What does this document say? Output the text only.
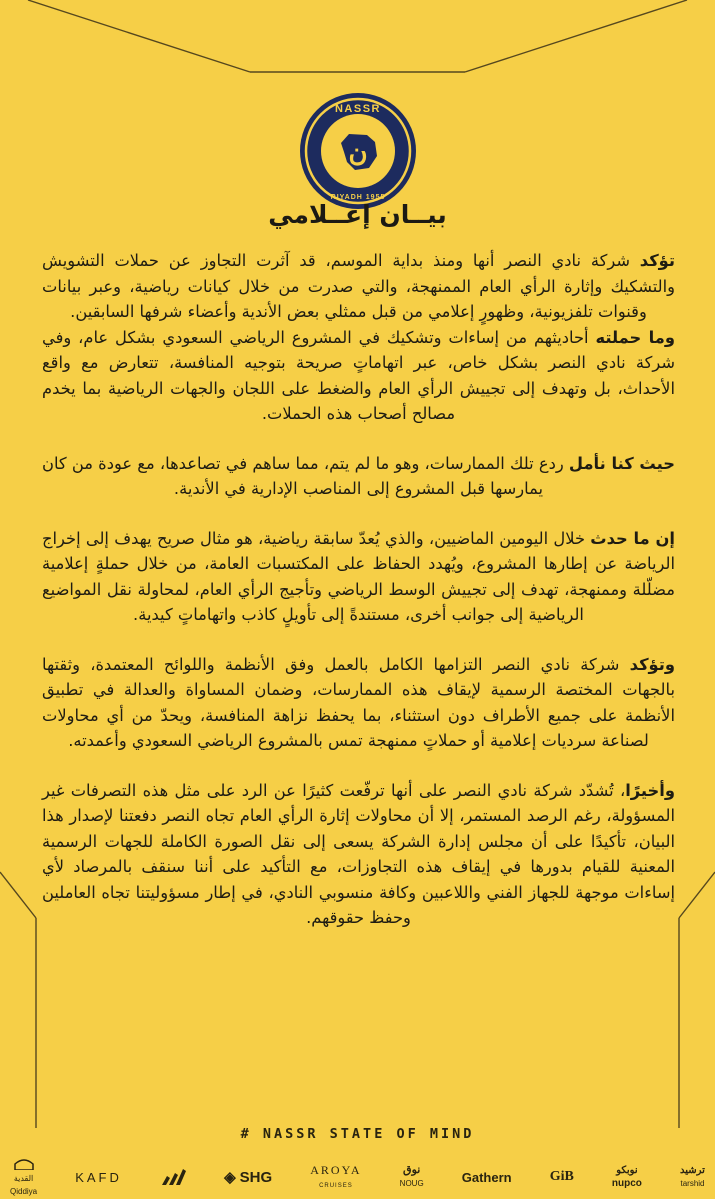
ن
NASSR
RIYADH 1955
بيــان إعــلامي

تؤكد شركة نادي النصر أنها ومنذ بداية الموسم، قد آثرت التجاوز عن حملات التشويش والتشكيك وإثارة الرأي العام الممنهجة، والتي صدرت من خلال كيانات رياضية، وعبر بيانات وقنوات تلفزيونية، وظهورٍ إعلامي من قبل ممثلي بعض الأندية وأعضاء شرفها السابقين.

وما حملته أحاديثهم من إساءات وتشكيك في المشروع الرياضي السعودي بشكل عام، وفي شركة نادي النصر بشكل خاص، عبر اتهاماتٍ صريحة بتوجيه المنافسة، تتعارض مع واقع الأحداث، بل وتهدف إلى تجييش الرأي العام والضغط على اللجان والجهات الرياضية بما يخدم مصالح أصحاب هذه الحملات.

حيث كنا نأمل ردع تلك الممارسات، وهو ما لم يتم، مما ساهم في تصاعدها، مع عودة من كان يمارسها قبل المشروع إلى المناصب الإدارية في الأندية.

إن ما حدث خلال اليومين الماضيين، والذي يُعدّ سابقة رياضية، هو مثال صريح يهدف إلى إخراج الرياضة عن إطارها المشروع، ويُهدد الحفاظ على المكتسبات العامة، من خلال حملةٍ إعلامية مضلّلة وممنهجة، تهدف إلى تجييش الوسط الرياضي وتأجيج الرأي العام، لمحاولة نقل المواضيع الرياضية إلى جوانب أخرى، مستندةً إلى تأويلٍ كاذب واتهاماتٍ كيدية.

وتؤكد شركة نادي النصر التزامها الكامل بالعمل وفق الأنظمة واللوائح المعتمدة، وثقتها بالجهات المختصة الرسمية لإيقاف هذه الممارسات، وضمان المساواة والعدالة في تطبيق الأنظمة على جميع الأطراف دون استثناء، بما يحفظ نزاهة المنافسة، ويحدّ من أي محاولات لصناعة سرديات إعلامية أو حملاتٍ ممنهجة تمس بالمشروع الرياضي السعودي وأعمدته.

وأخيرًا، تُشدّد شركة نادي النصر على أنها ترفّعت كثيرًا عن الرد على مثل هذه التصرفات غير المسؤولة، رغم الرصد المستمر، إلا أن محاولات إثارة الرأي العام تجاه النصر دفعتنا لإصدار هذا البيان، تأكيدًا على أن مجلس إدارة الشركة يسعى إلى نقل الصورة الكاملة للجهات الرسمية المعنية للقيام بدورها في إيقاف هذه التجاوزات، مع التأكيد على أننا سنقف بالمرصاد لأي إساءات موجهة للجهاز الفني واللاعبين وكافة منسوبي النادي، في إطار مسؤوليتنا تجاه العاملين وحفظ حقوقهم.

# NASSR STATE OF MIND
القدية
Qiddiya
KAFD	◈ SHG	AROYA
CRUISES
نوق
NOUG	Gathern	GiB	نوبكو
nupco
ترشيد
tarshid
